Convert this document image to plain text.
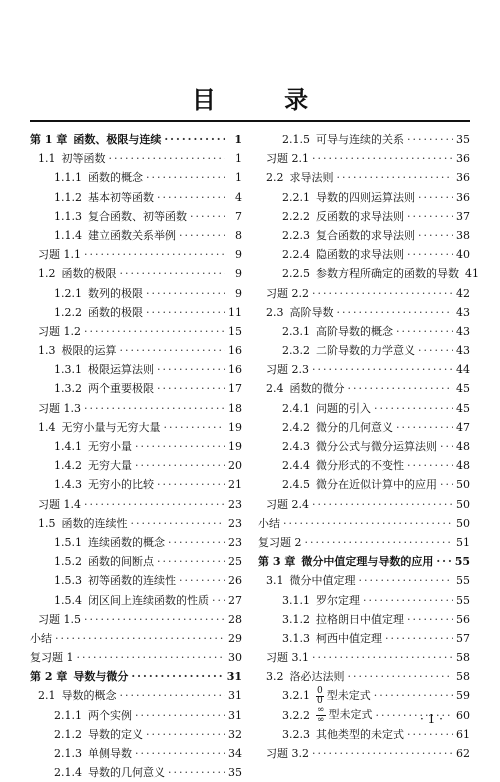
目 录
第 1 章 函数、极限与连续 ·····	1
1.1 初等函数 ·····	1
1.1.1 函数的概念 ·····	1
1.1.2 基本初等函数 ·····	4
1.1.3 复合函数、初等函数 ·····	7
1.1.4 建立函数关系举例 ·····	8
习题 1.1 ·····	9
1.2 函数的极限 ·····	9
1.2.1 数列的极限 ·····	9
1.2.2 函数的极限 ·····	11
习题 1.2 ·····	15
1.3 极限的运算 ·····	16
1.3.1 极限运算法则 ·····	16
1.3.2 两个重要极限 ·····	17
习题 1.3 ·····	18
1.4 无穷小量与无穷大量 ·····	19
1.4.1 无穷小量 ·····	19
1.4.2 无穷大量 ·····	20
1.4.3 无穷小的比较 ·····	21
习题 1.4 ·····	23
1.5 函数的连续性 ·····	23
1.5.1 连续函数的概念 ·····	23
1.5.2 函数的间断点 ·····	25
1.5.3 初等函数的连续性 ·····	26
1.5.4 闭区间上连续函数的性质 ····· 27
习题 1.5 ·····	28
小结 ·····	29
复习题 1 ·····	30
第 2 章 导数与微分 ·····	31
2.1 导数的概念 ·····	31
2.1.1 两个实例 ·····	31
2.1.2 导数的定义 ·····	32
2.1.3 单侧导数 ·····	34
2.1.4 导数的几何意义 ·····	35
2.1.5 可导与连续的关系 ·····	35
习题 2.1 ·····	36
2.2 求导法则 ·····	36
2.2.1 导数的四则运算法则 ·····	36
2.2.2 反函数的求导法则 ·····	37
2.2.3 复合函数的求导法则 ·····	38
2.2.4 隐函数的求导法则 ·····	40
2.2.5 参数方程所确定的函数的导数 41
习题 2.2 ·····	42
2.3 高阶导数 ·····	43
2.3.1 高阶导数的概念 ·····	43
2.3.2 二阶导数的力学意义 ·····	43
习题 2.3 ·····	44
2.4 函数的微分 ·····	45
2.4.1 问题的引入 ·····	45
2.4.2 微分的几何意义 ·····	47
2.4.3 微分公式与微分运算法则 ····· 48
2.4.4 微分形式的不变性 ·····	48
2.4.5 微分在近似计算中的应用 ····· 50
习题 2.4 ·····	50
小结 ·····	50
复习题 2 ·····	51
第 3 章 微分中值定理与导数的应用 ····· 55
3.1 微分中值定理 ·····	55
3.1.1 罗尔定理 ·····	55
3.1.2 拉格朗日中值定理 ·····	56
3.1.3 柯西中值定理 ·····	57
习题 3.1 ·····	58
3.2 洛必达法则 ·····	58
$3.2.1 \frac{0}{0}$ 型未定式 ·····	59
$3.2.2 \frac{\infty}{\infty}$ 型未定式 ·····	60
3.2.3 其他类型的未定式 ·····	61
习题 3.2 ·····	62
· 1 ·
